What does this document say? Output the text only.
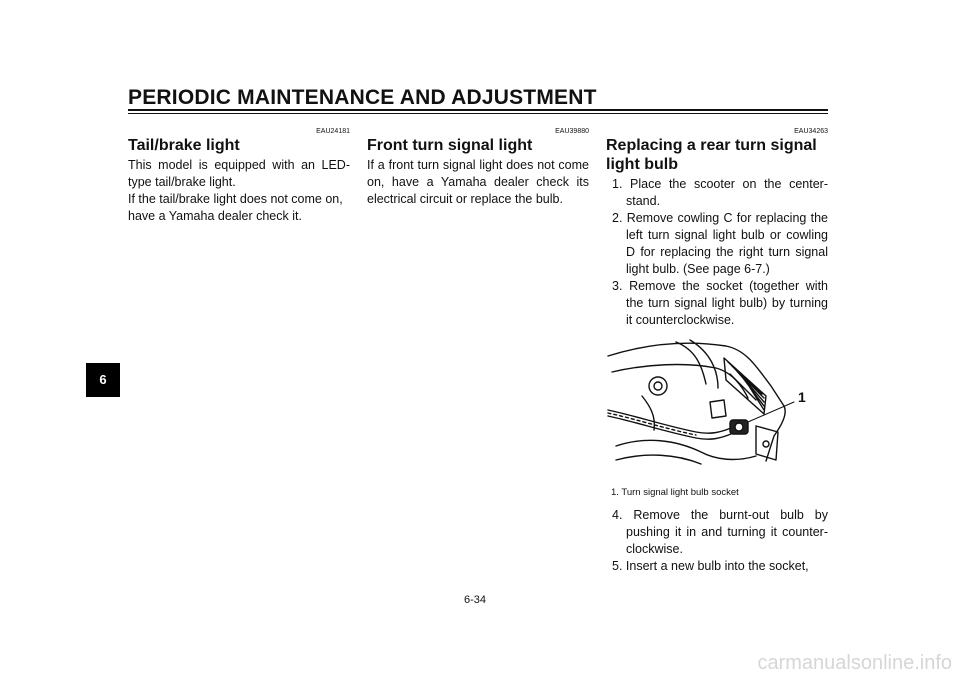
PERIODIC MAINTENANCE AND ADJUSTMENT
6
EAU24181
Tail/brake light

This model is equipped with an LED-type tail/brake light.

If the tail/brake light does not come on, have a Yamaha dealer check it.

EAU39880
Front turn signal light

If a front turn signal light does not come on, have a Yamaha dealer check its electrical circuit or replace the bulb.

EAU34263
Replacing a rear turn signal light bulb
1. Place the scooter on the center-stand.
2. Remove cowling C for replacing the left turn signal light bulb or cowling D for replacing the right turn signal light bulb. (See page 6-7.)
3. Remove the socket (together with the turn signal light bulb) by turning it counterclockwise.
1
1. Turn signal light bulb socket
4. Remove the burnt-out bulb by pushing it in and turning it counter-clockwise.
5. Insert a new bulb into the socket,
6-34
carmanualsonline.info
